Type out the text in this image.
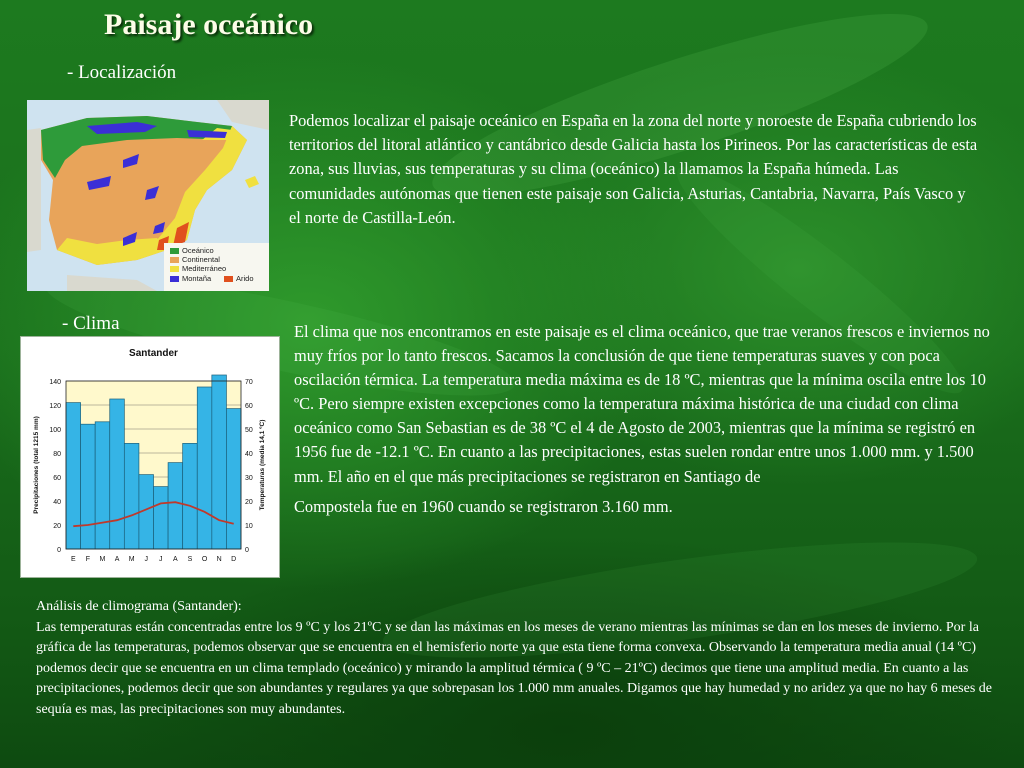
Paisaje oceánico

- Localización

Oceánico
Continental
Mediterráneo
Montaña	Arido

Podemos localizar el paisaje oceánico en España en la zona del norte y noroeste de España cubriendo los territorios del litoral atlántico y cantábrico desde Galicia hasta los Pirineos. Por las características de esta zona, sus lluvias, sus temperaturas y su clima (oceánico) la llamamos la España húmeda. Las comunidades autónomas que tienen este paisaje son Galicia, Asturias, Cantabria, Navarra, País Vasco y el norte de Castilla-León.

- Clima

Santander
0
20
40
60
80
100
120
140
0
10
20
30
40
50
60
70
E F M A M J J A S O N D
Precipitaciones (total 1215 mm)	Temperaturas (media 14,1 ºC)

El clima que nos encontramos en este paisaje es el clima oceánico, que trae veranos frescos e inviernos no muy fríos por lo tanto frescos. Sacamos la conclusión de que tiene temperaturas suaves y con poca oscilación térmica. La temperatura media máxima es de 18 ºC, mientras que la mínima oscila entre los 10 ºC. Pero siempre existen excepciones como la temperatura máxima histórica de una ciudad con clima oceánico como San Sebastian es de 38 ºC el 4 de Agosto de 2003, mientras que la mínima se registró en 1956 fue de -12.1 ºC. En cuanto a las precipitaciones, estas suelen rondar entre unos 1.000 mm. y 1.500 mm. El año en el que más precipitaciones se registraron en Santiago de
Compostela fue en 1960 cuando se registraron 3.160 mm.

Análisis de climograma (Santander):
Las temperaturas están concentradas entre los 9 ºC y los 21ºC y se dan las máximas en los meses de verano mientras las mínimas se dan en los meses de invierno. Por la gráfica de las temperaturas, podemos observar que se encuentra en el hemisferio norte ya que esta tiene forma convexa. Observando la temperatura media anual (14 ºC) podemos decir que se encuentra en un clima templado (oceánico) y mirando la amplitud térmica ( 9 ºC – 21ºC) decimos que tiene una amplitud media. En cuanto a las precipitaciones, podemos decir que son abundantes y regulares ya que sobrepasan los 1.000 mm anuales. Digamos que hay humedad y no aridez ya que no hay 6 meses de sequía es mas, las precipitaciones son muy abundantes.
